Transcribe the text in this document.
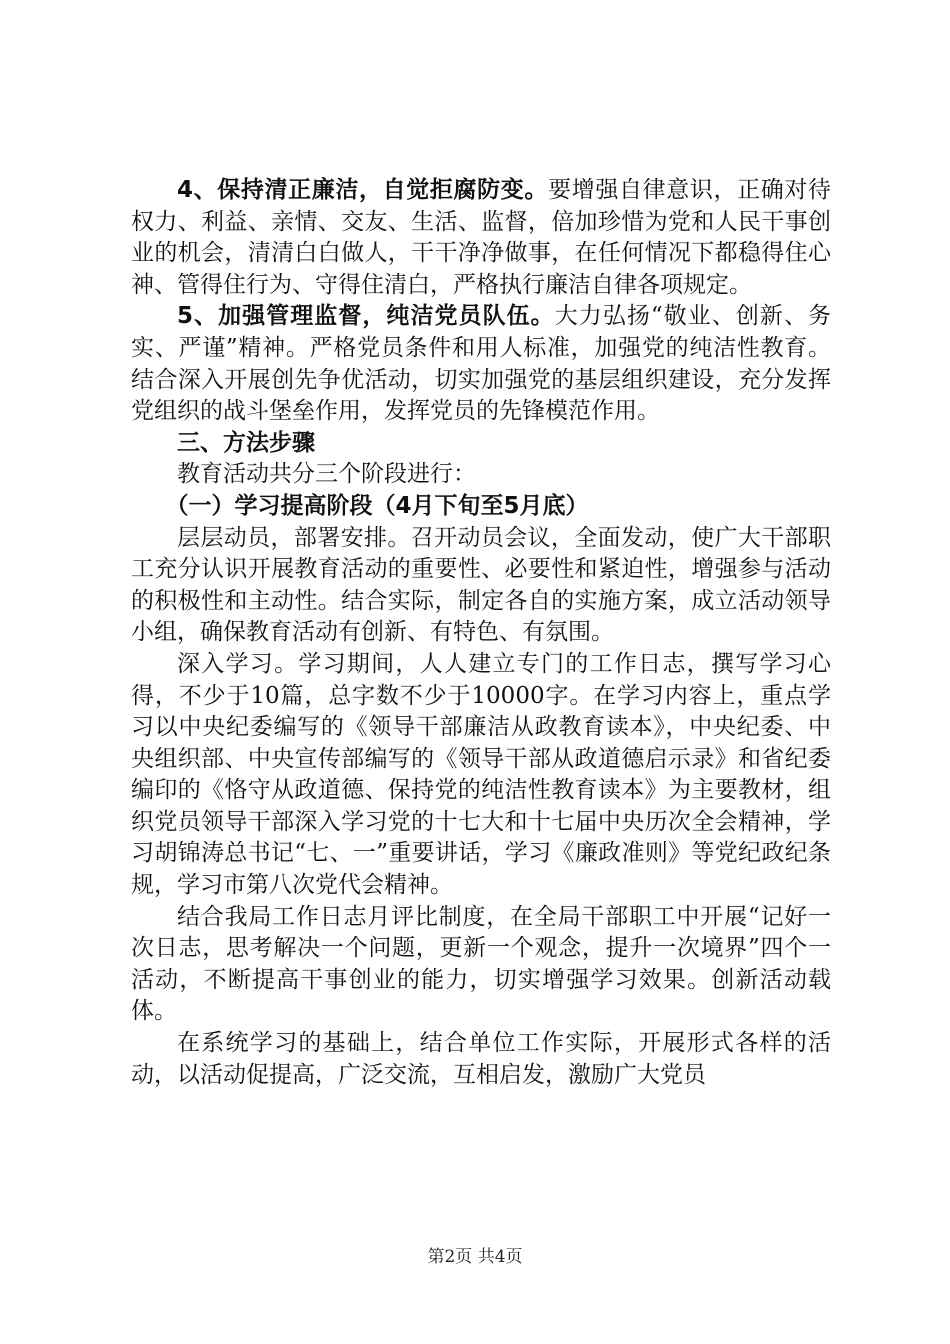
4、保持清正廉洁，自觉拒腐防变。要增强自律意识，正确对待权力、利益、亲情、交友、生活、监督，倍加珍惜为党和人民干事创业的机会，清清白白做人，干干净净做事，在任何情况下都稳得住心神、管得住行为、守得住清白，严格执行廉洁自律各项规定。

5、加强管理监督，纯洁党员队伍。大力弘扬“敬业、创新、务实、严谨”精神。严格党员条件和用人标准，加强党的纯洁性教育。结合深入开展创先争优活动，切实加强党的基层组织建设，充分发挥党组织的战斗堡垒作用，发挥党员的先锋模范作用。

三、方法步骤

教育活动共分三个阶段进行：

（一）学习提高阶段（4月下旬至5月底）

层层动员，部署安排。召开动员会议，全面发动，使广大干部职工充分认识开展教育活动的重要性、必要性和紧迫性，增强参与活动的积极性和主动性。结合实际，制定各自的实施方案，成立活动领导小组，确保教育活动有创新、有特色、有氛围。

深入学习。学习期间，人人建立专门的工作日志，撰写学习心得，不少于10篇，总字数不少于10000字。在学习内容上，重点学习以中央纪委编写的《领导干部廉洁从政教育读本》，中央纪委、中央组织部、中央宣传部编写的《领导干部从政道德启示录》和省纪委编印的《恪守从政道德、保持党的纯洁性教育读本》为主要教材，组织党员领导干部深入学习党的十七大和十七届中央历次全会精神，学习胡锦涛总书记“七、一”重要讲话，学习《廉政准则》等党纪政纪条规，学习市第八次党代会精神。

结合我局工作日志月评比制度，在全局干部职工中开展“记好一次日志，思考解决一个问题，更新一个观念，提升一次境界”四个一活动，不断提高干事创业的能力，切实增强学习效果。创新活动载体。

在系统学习的基础上，结合单位工作实际，开展形式各样的活动，以活动促提高，广泛交流，互相启发，激励广大党员

第2页 共4页
